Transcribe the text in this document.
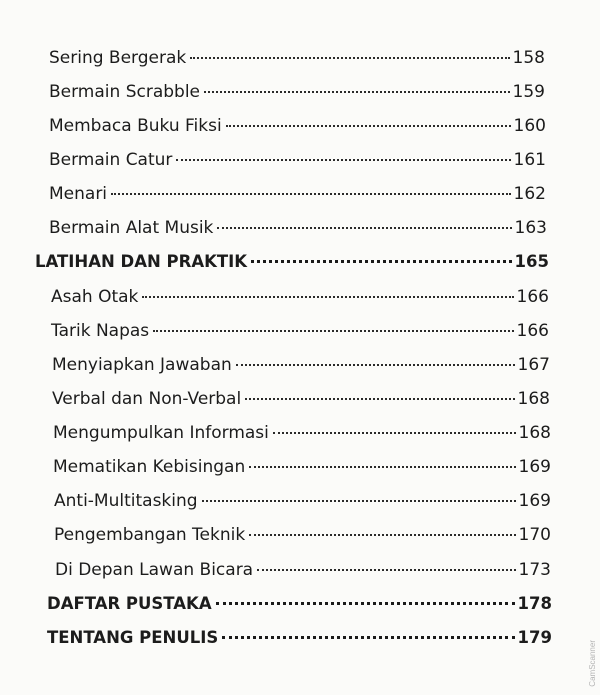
Sering Bergerak	158
Bermain Scrabble	159
Membaca Buku Fiksi	160
Bermain Catur	161
Menari	162
Bermain Alat Musik	163
LATIHAN DAN PRAKTIK	165
Asah Otak	166
Tarik Napas	166
Menyiapkan Jawaban	167
Verbal dan Non-Verbal	168
Mengumpulkan Informasi	168
Mematikan Kebisingan	169
Anti-Multitasking	169
Pengembangan Teknik	170
Di Depan Lawan Bicara	173
DAFTAR PUSTAKA	178
TENTANG PENULIS	179
CamScanner
